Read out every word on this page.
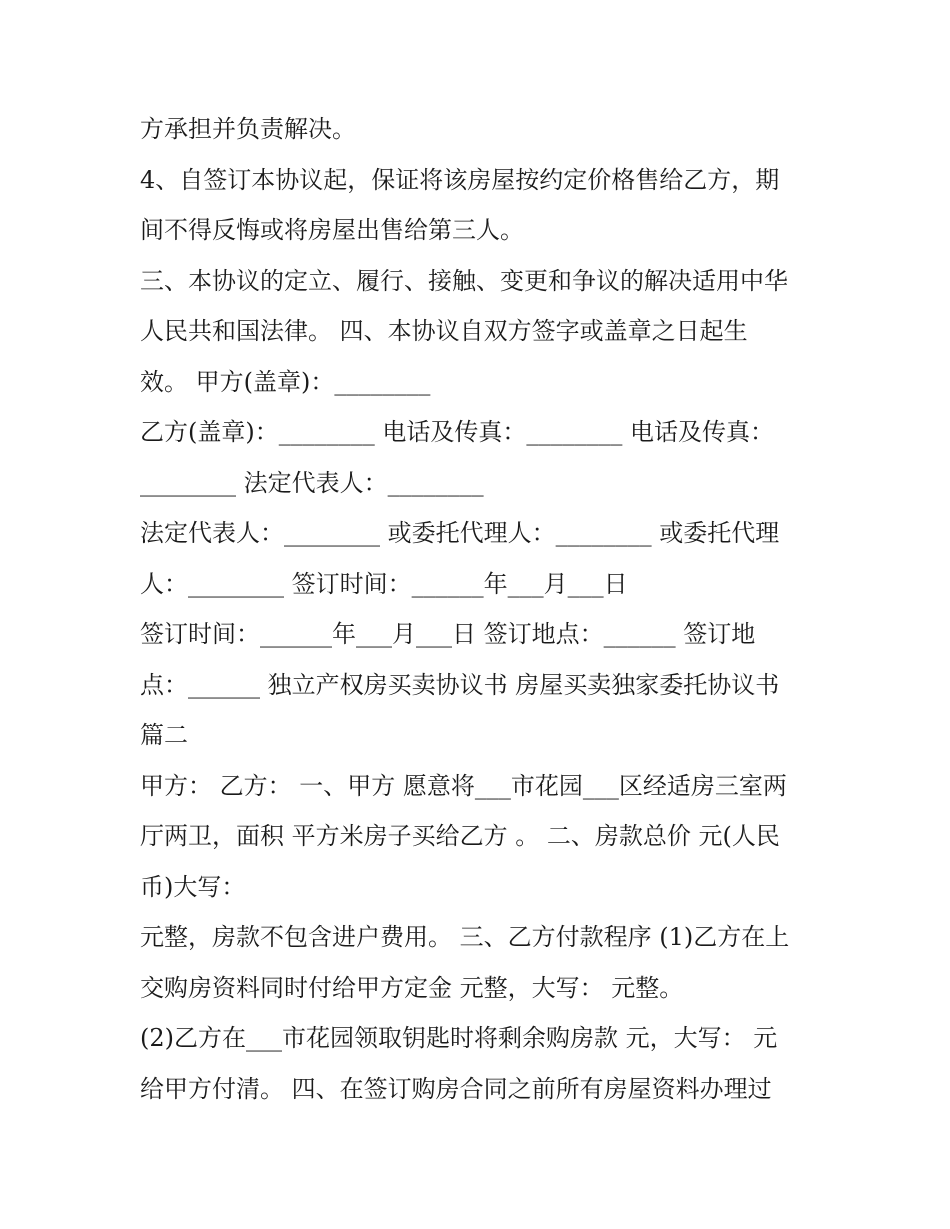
方承担并负责解决。
4、自签订本协议起，保证将该房屋按约定价格售给乙方，期
间不得反悔或将房屋出售给第三人。
三、本协议的定立、履行、接触、变更和争议的解决适用中华
人民共和国法律。 四、本协议自双方签字或盖章之日起生
效。 甲方(盖章)：________
乙方(盖章)：________ 电话及传真：________ 电话及传真：
________ 法定代表人：________
法定代表人：________ 或委托代理人：________ 或委托代理
人：________ 签订时间：______年___月___日
签订时间：______年___月___日 签订地点：______ 签订地
点：______ 独立产权房买卖协议书 房屋买卖独家委托协议书
篇二
甲方： 乙方： 一、甲方 愿意将___市花园___区经适房三室两
厅两卫，面积 平方米房子买给乙方 。 二、房款总价 元(人民
币)大写：
元整，房款不包含进户费用。 三、乙方付款程序 (1)乙方在上
交购房资料同时付给甲方定金 元整，大写： 元整。
(2)乙方在___市花园领取钥匙时将剩余购房款 元，大写： 元
给甲方付清。 四、在签订购房合同之前所有房屋资料办理过
